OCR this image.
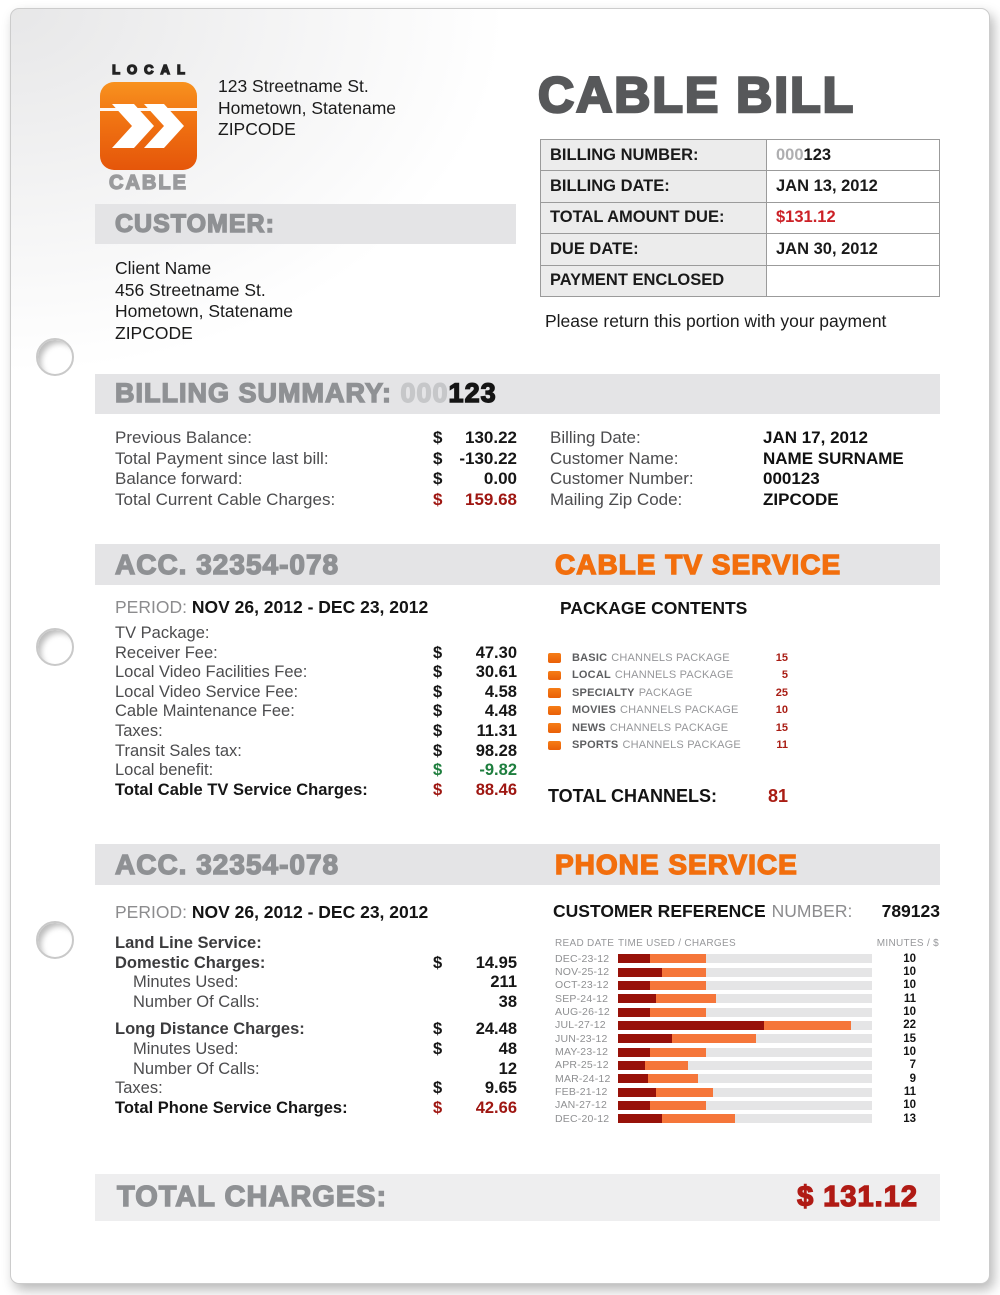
LOCAL
CABLE
123 Streetname St.
Hometown, Statename
ZIPCODE
CABLE BILL
BILLING NUMBER:	000123
BILLING DATE:	JAN 13, 2012
TOTAL AMOUNT DUE:	$131.12
DUE DATE:	JAN 30, 2012
PAYMENT ENCLOSED	
Please return this portion with your payment
CUSTOMER:
Client Name
456 Streetname St.
Hometown, Statename
ZIPCODE
BILLING SUMMARY: 000123
Previous Balance:	$	130.22
Total Payment since last bill:	$ -130.22
Balance forward:	$	0.00
Total Current Cable Charges:	$	159.68
Billing Date:	JAN 17, 2012
Customer Name:	NAME SURNAME
Customer Number:	000123
Mailing Zip Code:	ZIPCODE
ACC. 32354-078	CABLE TV SERVICE
PERIOD: NOV 26, 2012 - DEC 23, 2012
TV Package:
Receiver Fee:	$	47.30
Local Video Facilities Fee:	$	30.61
Local Video Service Fee:	$	4.58
Cable Maintenance Fee:	$	4.48
Taxes:	$	11.31
Transit Sales tax:	$	98.28
Local benefit:	$	-9.82
Total Cable TV Service Charges:	$	88.46
PACKAGE CONTENTS
BASIC CHANNELS PACKAGE	15
LOCAL CHANNELS PACKAGE	5
SPECIALTY PACKAGE	25
MOVIES CHANNELS PACKAGE	10
NEWS CHANNELS PACKAGE	15
SPORTS CHANNELS PACKAGE	11
TOTAL CHANNELS:	81
ACC. 32354-078	PHONE SERVICE
PERIOD: NOV 26, 2012 - DEC 23, 2012
Land Line Service:
Domestic Charges:	$	14.95
Minutes Used:	211
Number Of Calls:	38
Long Distance Charges:	$	24.48
Minutes Used:	$	48
Number Of Calls:	12
Taxes:	$	9.65
Total Phone Service Charges:	$	42.66
CUSTOMER REFERENCE NUMBER:	789123
READ DATE TIME USED / CHARGES	MINUTES / $
DEC-23-12	10
NOV-25-12	10
OCT-23-12	10
SEP-24-12	11
AUG-26-12	10
JUL-27-12	22
JUN-23-12	15
MAY-23-12	10
APR-25-12	7
MAR-24-12	9
FEB-21-12	11
JAN-27-12	10
DEC-20-12	13
TOTAL CHARGES:	$ 131.12
